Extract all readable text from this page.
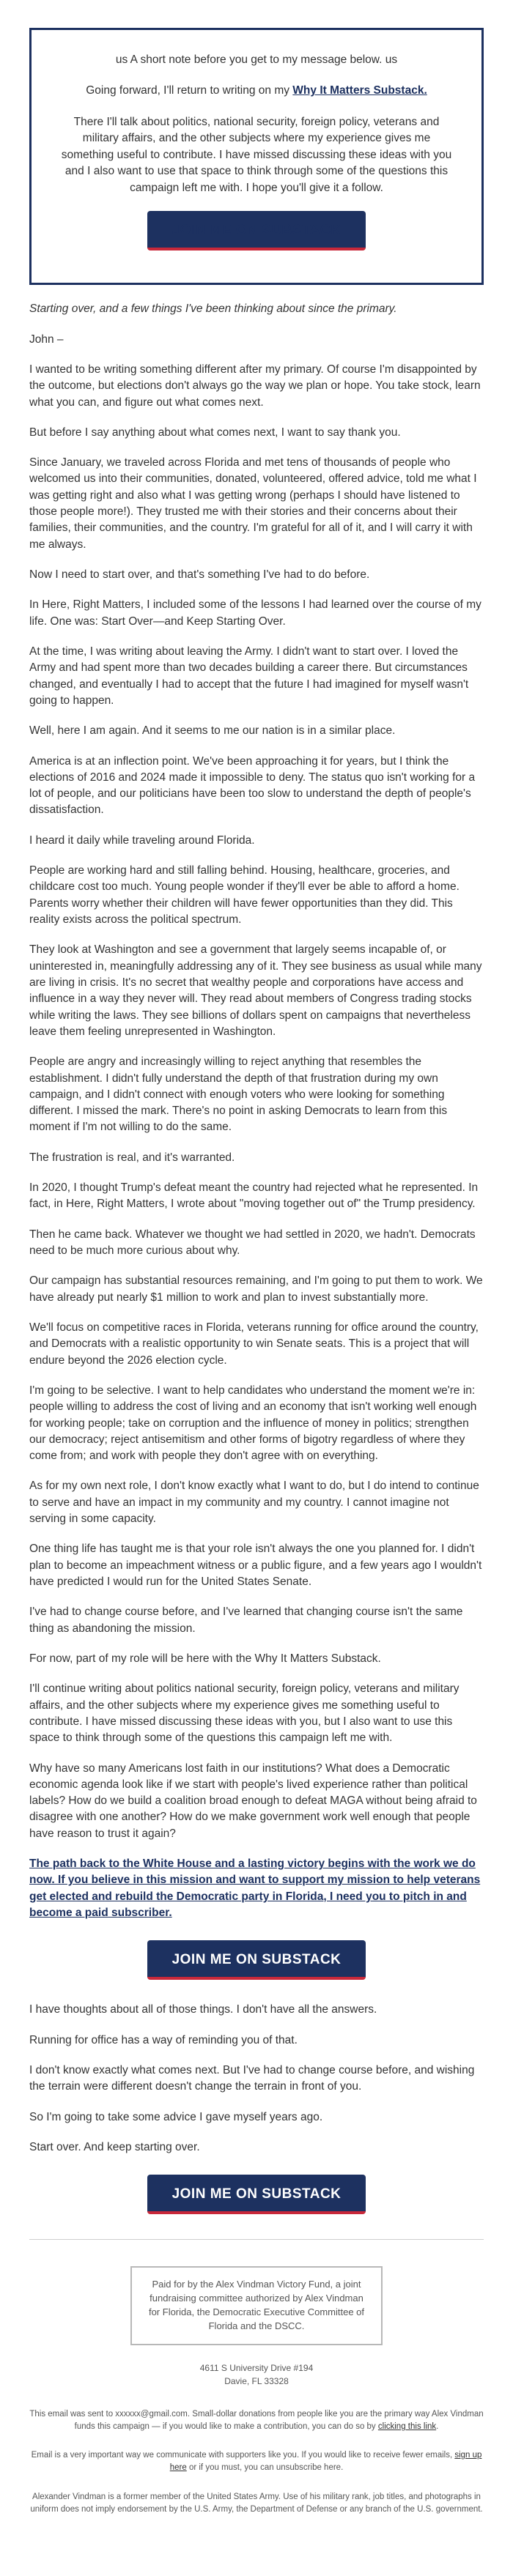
us A short note before you get to my message below. us

Going forward, I'll return to writing on my Why It Matters Substack.

There I'll talk about politics, national security, foreign policy, veterans and military affairs, and the other subjects where my experience gives me something useful to contribute. I have missed discussing these ideas with you and I also want to use that space to think through some of the questions this campaign left me with. I hope you'll give it a follow.

JOIN ME ON SUBSTACK

Starting over, and a few things I've been thinking about since the primary.

John –

I wanted to be writing something different after my primary. Of course I'm disappointed by the outcome, but elections don't always go the way we plan or hope. You take stock, learn what you can, and figure out what comes next.

But before I say anything about what comes next, I want to say thank you.

Since January, we traveled across Florida and met tens of thousands of people who welcomed us into their communities, donated, volunteered, offered advice, told me what I was getting right and also what I was getting wrong (perhaps I should have listened to those people more!). They trusted me with their stories and their concerns about their families, their communities, and the country. I'm grateful for all of it, and I will carry it with me always.

Now I need to start over, and that's something I've had to do before.

In Here, Right Matters, I included some of the lessons I had learned over the course of my life. One was: Start Over—and Keep Starting Over.

At the time, I was writing about leaving the Army. I didn't want to start over. I loved the Army and had spent more than two decades building a career there. But circumstances changed, and eventually I had to accept that the future I had imagined for myself wasn't going to happen.

Well, here I am again. And it seems to me our nation is in a similar place.

America is at an inflection point. We've been approaching it for years, but I think the elections of 2016 and 2024 made it impossible to deny. The status quo isn't working for a lot of people, and our politicians have been too slow to understand the depth of people's dissatisfaction.

I heard it daily while traveling around Florida.

People are working hard and still falling behind. Housing, healthcare, groceries, and childcare cost too much. Young people wonder if they'll ever be able to afford a home. Parents worry whether their children will have fewer opportunities than they did. This reality exists across the political spectrum.

They look at Washington and see a government that largely seems incapable of, or uninterested in, meaningfully addressing any of it. They see business as usual while many are living in crisis. It's no secret that wealthy people and corporations have access and influence in a way they never will. They read about members of Congress trading stocks while writing the laws. They see billions of dollars spent on campaigns that nevertheless leave them feeling unrepresented in Washington.

People are angry and increasingly willing to reject anything that resembles the establishment. I didn't fully understand the depth of that frustration during my own campaign, and I didn't connect with enough voters who were looking for something different. I missed the mark. There's no point in asking Democrats to learn from this moment if I'm not willing to do the same.

The frustration is real, and it's warranted.

In 2020, I thought Trump's defeat meant the country had rejected what he represented. In fact, in Here, Right Matters, I wrote about "moving together out of" the Trump presidency.

Then he came back. Whatever we thought we had settled in 2020, we hadn't. Democrats need to be much more curious about why.

Our campaign has substantial resources remaining, and I'm going to put them to work. We have already put nearly $1 million to work and plan to invest substantially more.

We'll focus on competitive races in Florida, veterans running for office around the country, and Democrats with a realistic opportunity to win Senate seats. This is a project that will endure beyond the 2026 election cycle.

I'm going to be selective. I want to help candidates who understand the moment we're in: people willing to address the cost of living and an economy that isn't working well enough for working people; take on corruption and the influence of money in politics; strengthen our democracy; reject antisemitism and other forms of bigotry regardless of where they come from; and work with people they don't agree with on everything.

As for my own next role, I don't know exactly what I want to do, but I do intend to continue to serve and have an impact in my community and my country. I cannot imagine not serving in some capacity.

One thing life has taught me is that your role isn't always the one you planned for. I didn't plan to become an impeachment witness or a public figure, and a few years ago I wouldn't have predicted I would run for the United States Senate.

I've had to change course before, and I've learned that changing course isn't the same thing as abandoning the mission.

For now, part of my role will be here with the Why It Matters Substack.

I'll continue writing about politics national security, foreign policy, veterans and military affairs, and the other subjects where my experience gives me something useful to contribute. I have missed discussing these ideas with you, but I also want to use this space to think through some of the questions this campaign left me with.

Why have so many Americans lost faith in our institutions? What does a Democratic economic agenda look like if we start with people's lived experience rather than political labels? How do we build a coalition broad enough to defeat MAGA without being afraid to disagree with one another? How do we make government work well enough that people have reason to trust it again?

The path back to the White House and a lasting victory begins with the work we do now. If you believe in this mission and want to support my mission to help veterans get elected and rebuild the Democratic party in Florida, I need you to pitch in and become a paid subscriber.

JOIN ME ON SUBSTACK

I have thoughts about all of those things. I don't have all the answers.

Running for office has a way of reminding you of that.

I don't know exactly what comes next. But I've had to change course before, and wishing the terrain were different doesn't change the terrain in front of you.

So I'm going to take some advice I gave myself years ago.

Start over. And keep starting over.

JOIN ME ON SUBSTACK
Paid for by the Alex Vindman Victory Fund, a joint fundraising committee authorized by Alex Vindman for Florida, the Democratic Executive Committee of Florida and the DSCC.
4611 S University Drive #194
Davie, FL 33328

This email was sent to xxxxxx@gmail.com. Small-dollar donations from people like you are the primary way Alex Vindman funds this campaign — if you would like to make a contribution, you can do so by clicking this link.

Email is a very important way we communicate with supporters like you. If you would like to receive fewer emails, sign up here or if you must, you can unsubscribe here.

Alexander Vindman is a former member of the United States Army. Use of his military rank, job titles, and photographs in uniform does not imply endorsement by the U.S. Army, the Department of Defense or any branch of the U.S. government.
